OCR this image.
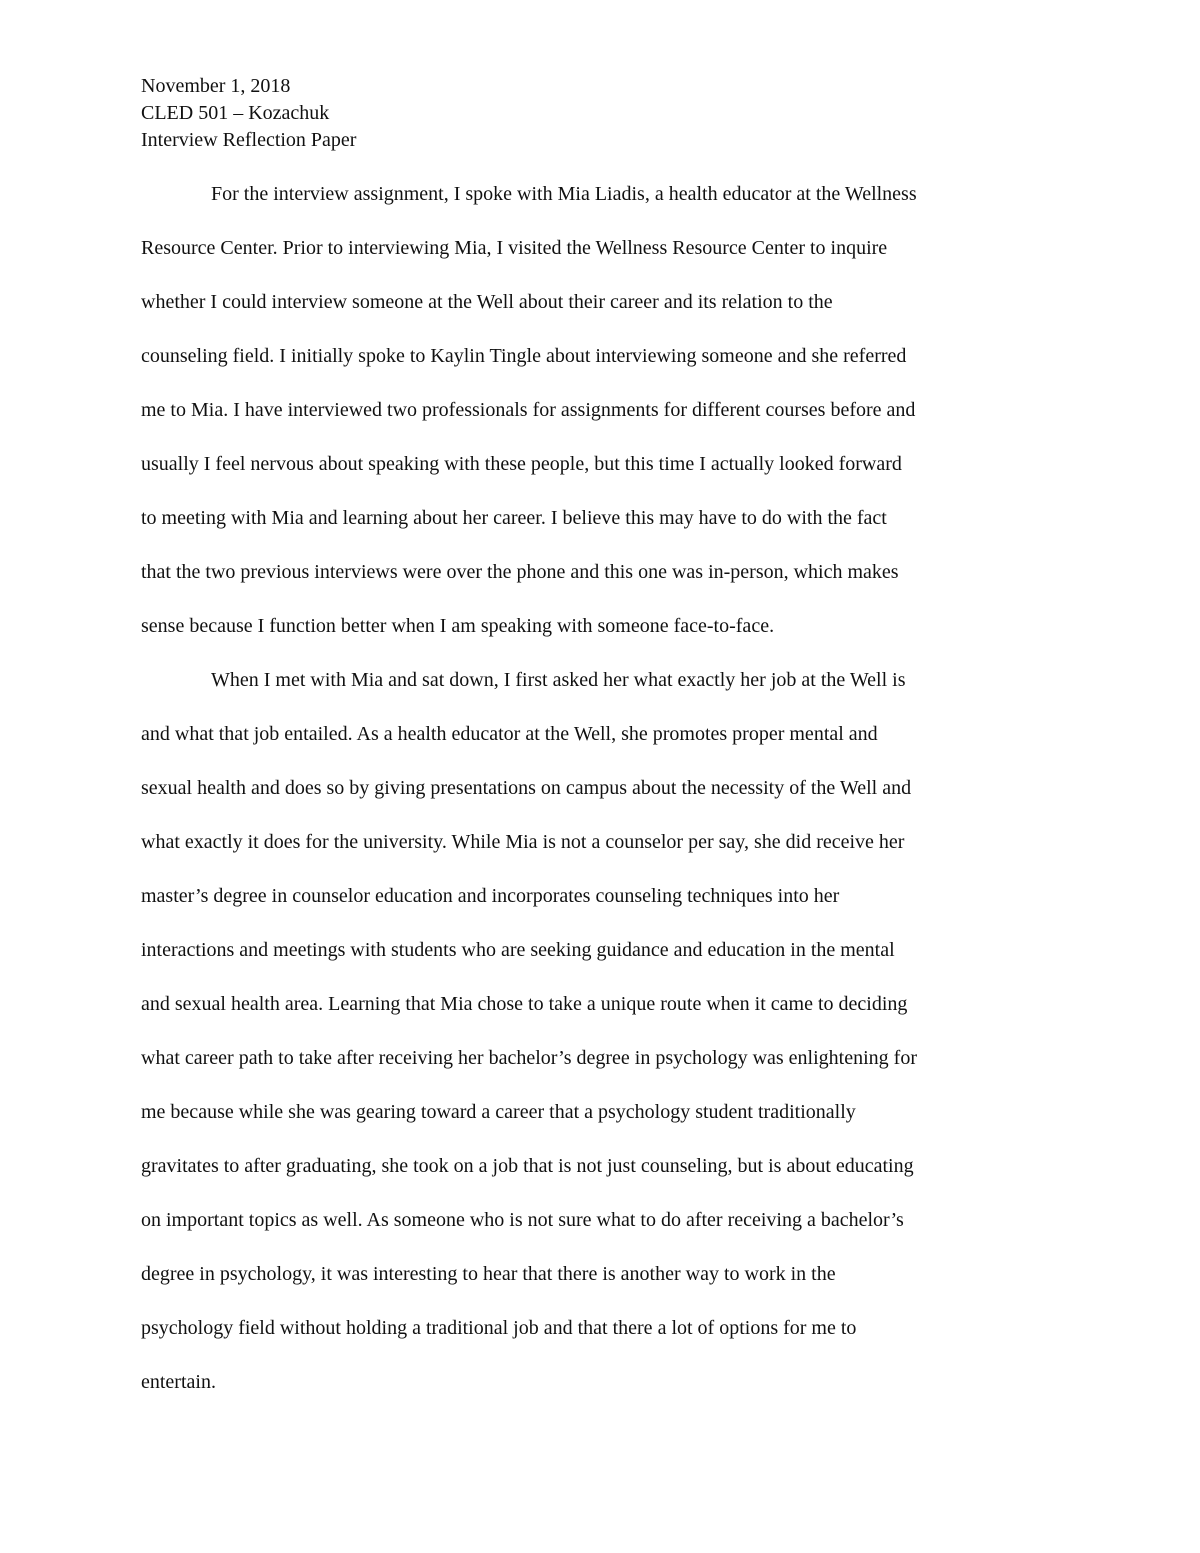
November 1, 2018
CLED 501 – Kozachuk
Interview Reflection Paper
For the interview assignment, I spoke with Mia Liadis, a health educator at the Wellness
Resource Center. Prior to interviewing Mia, I visited the Wellness Resource Center to inquire
whether I could interview someone at the Well about their career and its relation to the
counseling field. I initially spoke to Kaylin Tingle about interviewing someone and she referred
me to Mia. I have interviewed two professionals for assignments for different courses before and
usually I feel nervous about speaking with these people, but this time I actually looked forward
to meeting with Mia and learning about her career. I believe this may have to do with the fact
that the two previous interviews were over the phone and this one was in-person, which makes
sense because I function better when I am speaking with someone face-to-face.
When I met with Mia and sat down, I first asked her what exactly her job at the Well is
and what that job entailed. As a health educator at the Well, she promotes proper mental and
sexual health and does so by giving presentations on campus about the necessity of the Well and
what exactly it does for the university. While Mia is not a counselor per say, she did receive her
master’s degree in counselor education and incorporates counseling techniques into her
interactions and meetings with students who are seeking guidance and education in the mental
and sexual health area. Learning that Mia chose to take a unique route when it came to deciding
what career path to take after receiving her bachelor’s degree in psychology was enlightening for
me because while she was gearing toward a career that a psychology student traditionally
gravitates to after graduating, she took on a job that is not just counseling, but is about educating
on important topics as well. As someone who is not sure what to do after receiving a bachelor’s
degree in psychology, it was interesting to hear that there is another way to work in the
psychology field without holding a traditional job and that there a lot of options for me to
entertain.
